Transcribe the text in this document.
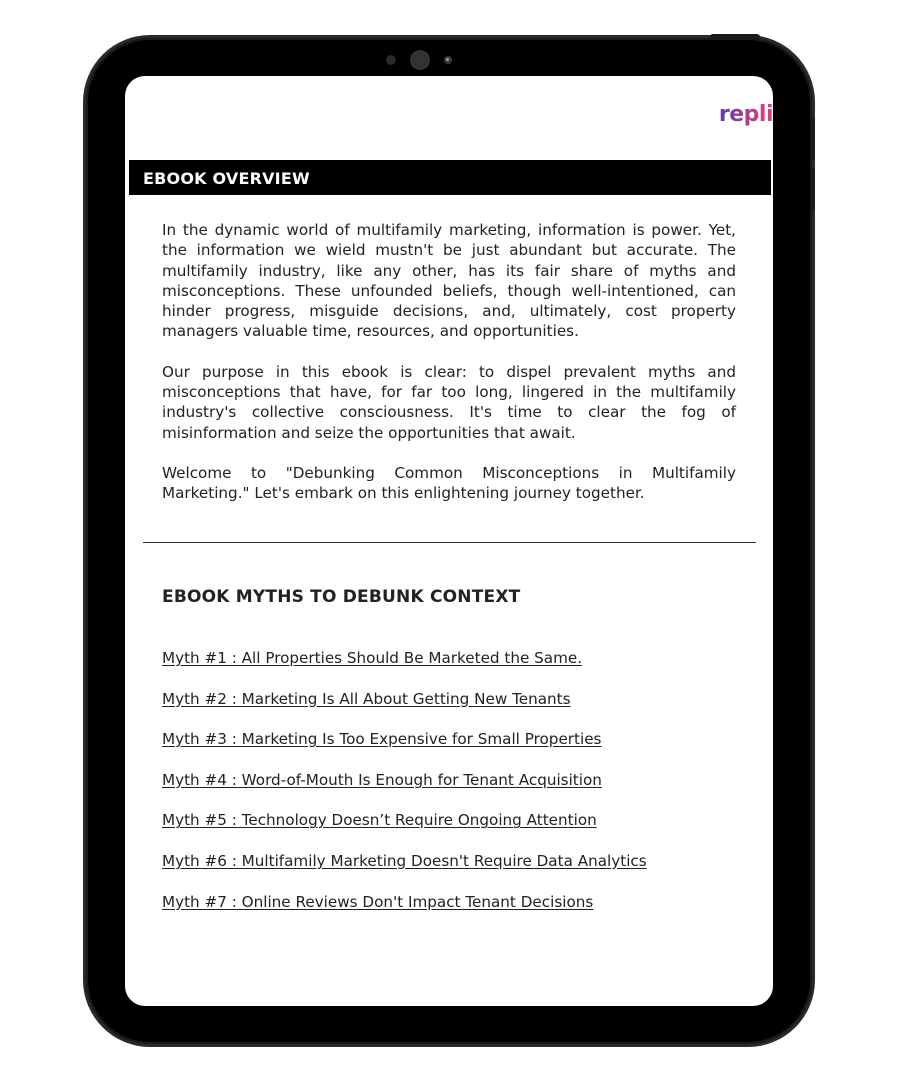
repli
EBOOK OVERVIEW

In the dynamic world of multifamily marketing, information is power. Yet, the information we wield mustn't be just abundant but accurate. The multifamily industry, like any other, has its fair share of myths and misconceptions. These unfounded beliefs, though well-intentioned, can hinder progress, misguide decisions, and, ultimately, cost property managers valuable time, resources, and opportunities.

Our purpose in this ebook is clear: to dispel prevalent myths and misconceptions that have, for far too long, lingered in the multifamily industry's collective consciousness. It's time to clear the fog of misinformation and seize the opportunities that await.

Welcome to "Debunking Common Misconceptions in Multifamily Marketing." Let's embark on this enlightening journey together.

EBOOK MYTHS TO DEBUNK CONTEXT
Myth #1 : All Properties Should Be Marketed the Same.
Myth #2 : Marketing Is All About Getting New Tenants
Myth #3 : Marketing Is Too Expensive for Small Properties
Myth #4 : Word-of-Mouth Is Enough for Tenant Acquisition
Myth #5 : Technology Doesn’t Require Ongoing Attention
Myth #6 : Multifamily Marketing Doesn't Require Data Analytics
Myth #7 : Online Reviews Don't Impact Tenant Decisions
